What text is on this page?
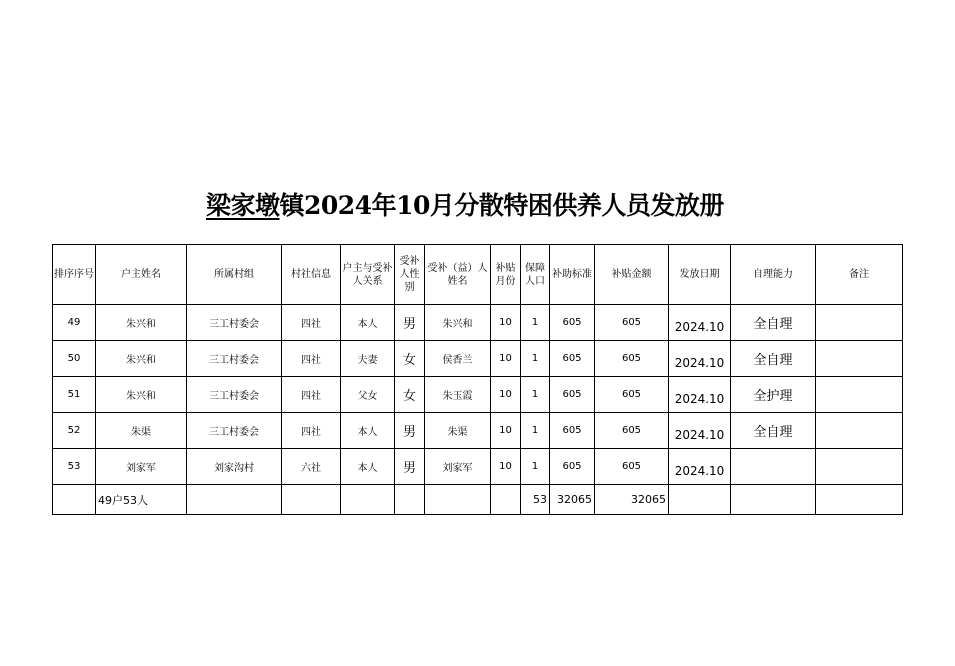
梁家墩镇2024年10月分散特困供养人员发放册
排序序号	户主姓名	所属村组	村社信息	户主与受补人关系	受补人性别	受补（益）人姓名	补贴月份	保障人口	补助标准	补贴金额	发放日期	自理能力	备注
49	朱兴和	三工村委会	四社	本人	男	朱兴和	10	1	605	605	2024.10	全自理	
50	朱兴和	三工村委会	四社	夫妻	女	侯香兰	10	1	605	605	2024.10	全自理	
51	朱兴和	三工村委会	四社	父女	女	朱玉霞	10	1	605	605	2024.10	全护理	
52	朱渠	三工村委会	四社	本人	男	朱渠	10	1	605	605	2024.10	全自理	
53	刘家军	刘家沟村	六社	本人	男	刘家军	10	1	605	605	2024.10		
	49户53人							53	32065	32065			
